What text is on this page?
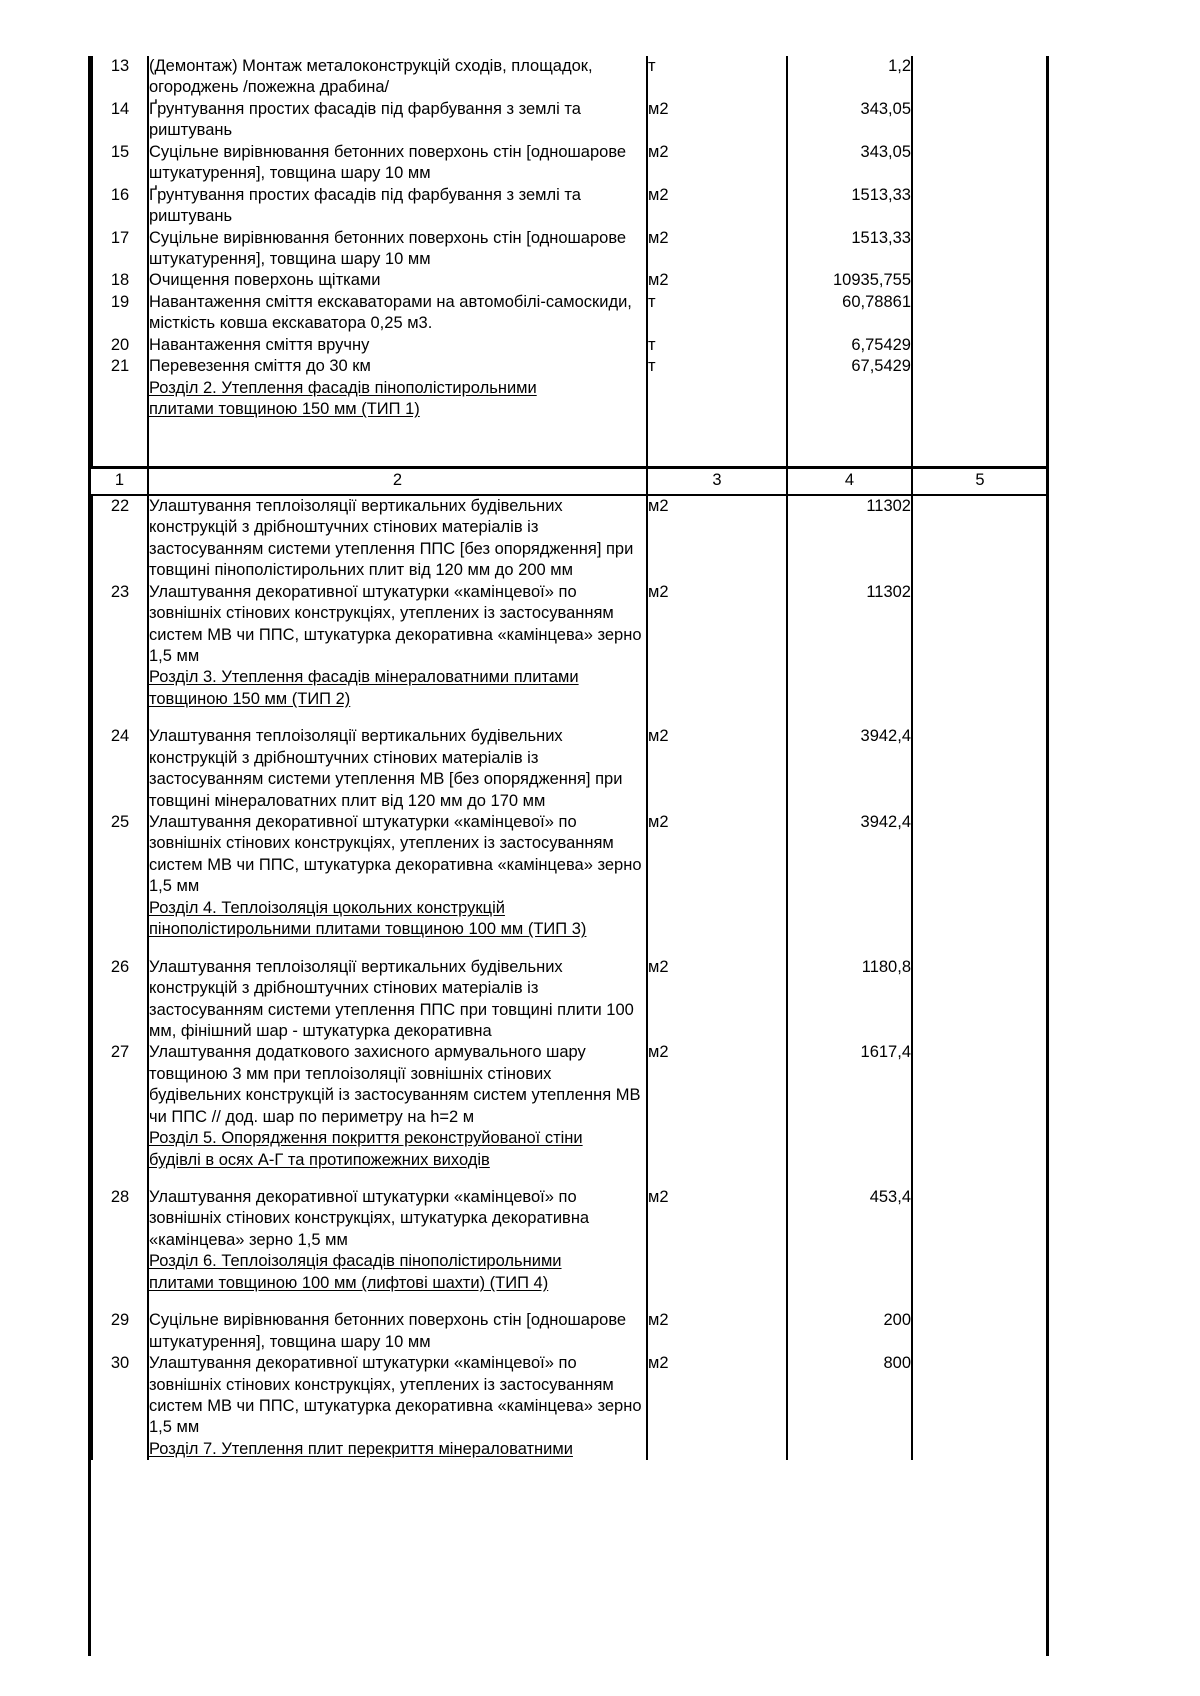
13	(Демонтаж) Монтаж металоконструкцій сходів, площадок, огороджень /пожежна драбина/	т	1,2	
14	Ґрунтування простих фасадів під фарбування з землі та риштувань	м2	343,05	
15	Суцільне вирівнювання бетонних поверхонь стін [одношарове штукатурення], товщина шару 10 мм	м2	343,05	
16	Ґрунтування простих фасадів під фарбування з землі та риштувань	м2	1513,33	
17	Суцільне вирівнювання бетонних поверхонь стін [одношарове штукатурення], товщина шару 10 мм	м2	1513,33	
18	Очищення поверхонь щітками	м2	10935,755	
19	Навантаження сміття екскаваторами на автомобілі-самоскиди, місткість ковша екскаватора 0,25 м3.	т	60,78861	
20	Навантаження сміття вручну	т	6,75429	
21	Перевезення сміття до 30 км	т	67,5429	

	Розділ 2. Утеплення фасадів пінополістирольними
плитами товщиною 150 мм (ТИП 1)			

1	2	3	4	5
22	Улаштування теплоізоляції вертикальних будівельних конструкцій з дрібноштучних стінових матеріалів із застосуванням системи утеплення ППС [без опорядження] при товщині пінополістирольних плит від 120 мм до 200 мм	м2	11302	
23	Улаштування декоративної штукатурки «камінцевої» по зовнішніх стінових конструкціях, утеплених із застосуванням систем МВ чи ППС, штукатурка декоративна «камінцева» зерно 1,5 мм	м2	11302	

	Розділ 3. Утеплення фасадів мінераловатними плитами
товщиною 150 мм (ТИП 2)			

24	Улаштування теплоізоляції вертикальних будівельних конструкцій з дрібноштучних стінових матеріалів із застосуванням системи утеплення МВ [без опорядження] при товщині мінераловатних плит від 120 мм до 170 мм	м2	3942,4	
25	Улаштування декоративної штукатурки «камінцевої» по зовнішніх стінових конструкціях, утеплених із застосуванням систем МВ чи ППС, штукатурка декоративна «камінцева» зерно 1,5 мм	м2	3942,4	

	Розділ 4. Теплоізоляція цокольних конструкцій
пінополістирольними плитами товщиною 100 мм (ТИП 3)			

26	Улаштування теплоізоляції вертикальних будівельних конструкцій з дрібноштучних стінових матеріалів із застосуванням системи утеплення ППС при товщині плити 100 мм, фінішний шар - штукатурка декоративна	м2	1180,8	
27	Улаштування додаткового захисного армувального шару товщиною 3 мм при теплоізоляції зовнішніх стінових будівельних конструкцій із застосуванням систем утеплення МВ чи ППС // дод. шар по периметру на h=2 м	м2	1617,4	

	Розділ 5. Опорядження покриття реконструйованої стіни
будівлі в осях А-Г та протипожежних виходів			

28	Улаштування декоративної штукатурки «камінцевої» по зовнішніх стінових конструкціях, штукатурка декоративна «камінцева» зерно 1,5 мм	м2	453,4	

	Розділ 6. Теплоізоляція фасадів пінополістирольними
плитами товщиною 100 мм (лифтові шахти) (ТИП 4)			

29	Суцільне вирівнювання бетонних поверхонь стін [одношарове штукатурення], товщина шару 10 мм	м2	200	
30	Улаштування декоративної штукатурки «камінцевої» по зовнішніх стінових конструкціях, утеплених із застосуванням систем МВ чи ППС, штукатурка декоративна «камінцева» зерно 1,5 мм	м2	800	

	Розділ 7. Утеплення плит перекриття мінераловатними			
